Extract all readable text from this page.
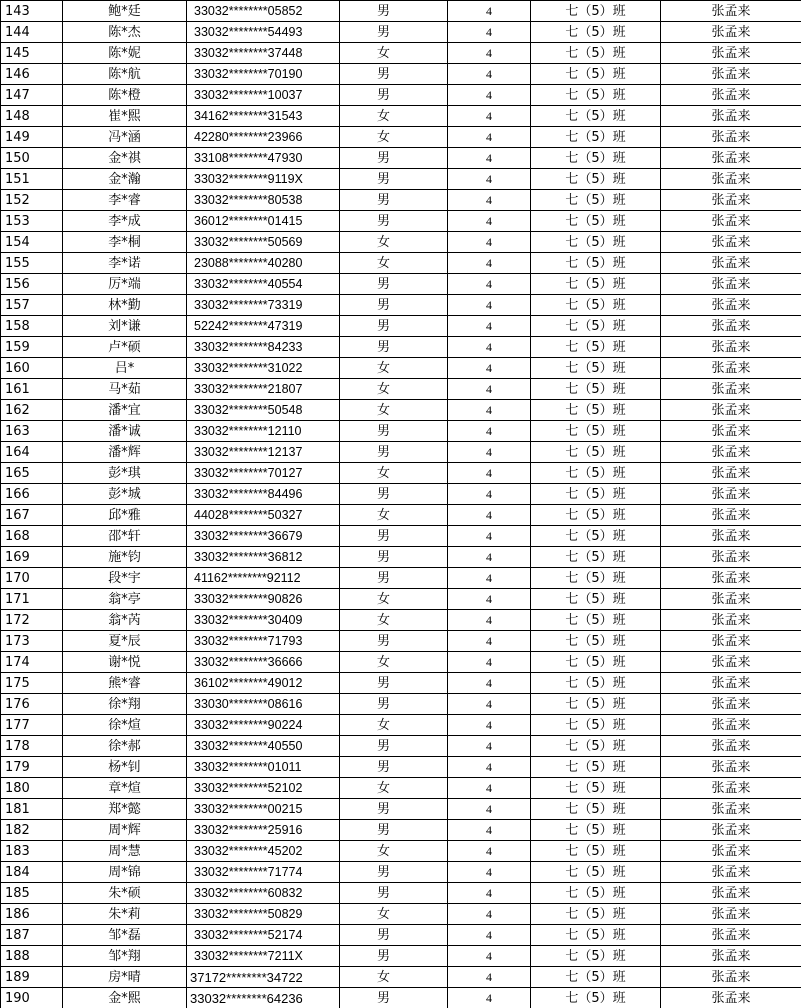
143	鲍*廷	33032********05852	男	4	七（5）班	张孟来
144	陈*杰	33032********54493	男	4	七（5）班	张孟来
145	陈*妮	33032********37448	女	4	七（5）班	张孟来
146	陈*航	33032********70190	男	4	七（5）班	张孟来
147	陈*橙	33032********10037	男	4	七（5）班	张孟来
148	崔*熙	34162********31543	女	4	七（5）班	张孟来
149	冯*涵	42280********23966	女	4	七（5）班	张孟来
150	金*祺	33108********47930	男	4	七（5）班	张孟来
151	金*瀚	33032********9119X	男	4	七（5）班	张孟来
152	李*睿	33032********80538	男	4	七（5）班	张孟来
153	李*成	36012********01415	男	4	七（5）班	张孟来
154	李*桐	33032********50569	女	4	七（5）班	张孟来
155	李*诺	23088********40280	女	4	七（5）班	张孟来
156	厉*端	33032********40554	男	4	七（5）班	张孟来
157	林*勤	33032********73319	男	4	七（5）班	张孟来
158	刘*谦	52242********47319	男	4	七（5）班	张孟来
159	卢*硕	33032********84233	男	4	七（5）班	张孟来
160	吕*	33032********31022	女	4	七（5）班	张孟来
161	马*茹	33032********21807	女	4	七（5）班	张孟来
162	潘*宜	33032********50548	女	4	七（5）班	张孟来
163	潘*诚	33032********12110	男	4	七（5）班	张孟来
164	潘*辉	33032********12137	男	4	七（5）班	张孟来
165	彭*琪	33032********70127	女	4	七（5）班	张孟来
166	彭*城	33032********84496	男	4	七（5）班	张孟来
167	邱*雅	44028********50327	女	4	七（5）班	张孟来
168	邵*轩	33032********36679	男	4	七（5）班	张孟来
169	施*钧	33032********36812	男	4	七（5）班	张孟来
170	段*宇	41162********92112	男	4	七（5）班	张孟来
171	翁*亭	33032********90826	女	4	七（5）班	张孟来
172	翁*芮	33032********30409	女	4	七（5）班	张孟来
173	夏*辰	33032********71793	男	4	七（5）班	张孟来
174	谢*悦	33032********36666	女	4	七（5）班	张孟来
175	熊*睿	36102********49012	男	4	七（5）班	张孟来
176	徐*翔	33030********08616	男	4	七（5）班	张孟来
177	徐*煊	33032********90224	女	4	七（5）班	张孟来
178	徐*郝	33032********40550	男	4	七（5）班	张孟来
179	杨*钊	33032********01011	男	4	七（5）班	张孟来
180	章*煊	33032********52102	女	4	七（5）班	张孟来
181	郑*懿	33032********00215	男	4	七（5）班	张孟来
182	周*辉	33032********25916	男	4	七（5）班	张孟来
183	周*慧	33032********45202	女	4	七（5）班	张孟来
184	周*锦	33032********71774	男	4	七（5）班	张孟来
185	朱*硕	33032********60832	男	4	七（5）班	张孟来
186	朱*莉	33032********50829	女	4	七（5）班	张孟来
187	邹*磊	33032********52174	男	4	七（5）班	张孟来
188	邹*翔	33032********7211X	男	4	七（5）班	张孟来
189	房*晴	37172********34722	女	4	七（5）班	张孟来
190	金*熙	33032********64236	男	4	七（5）班	张孟来
